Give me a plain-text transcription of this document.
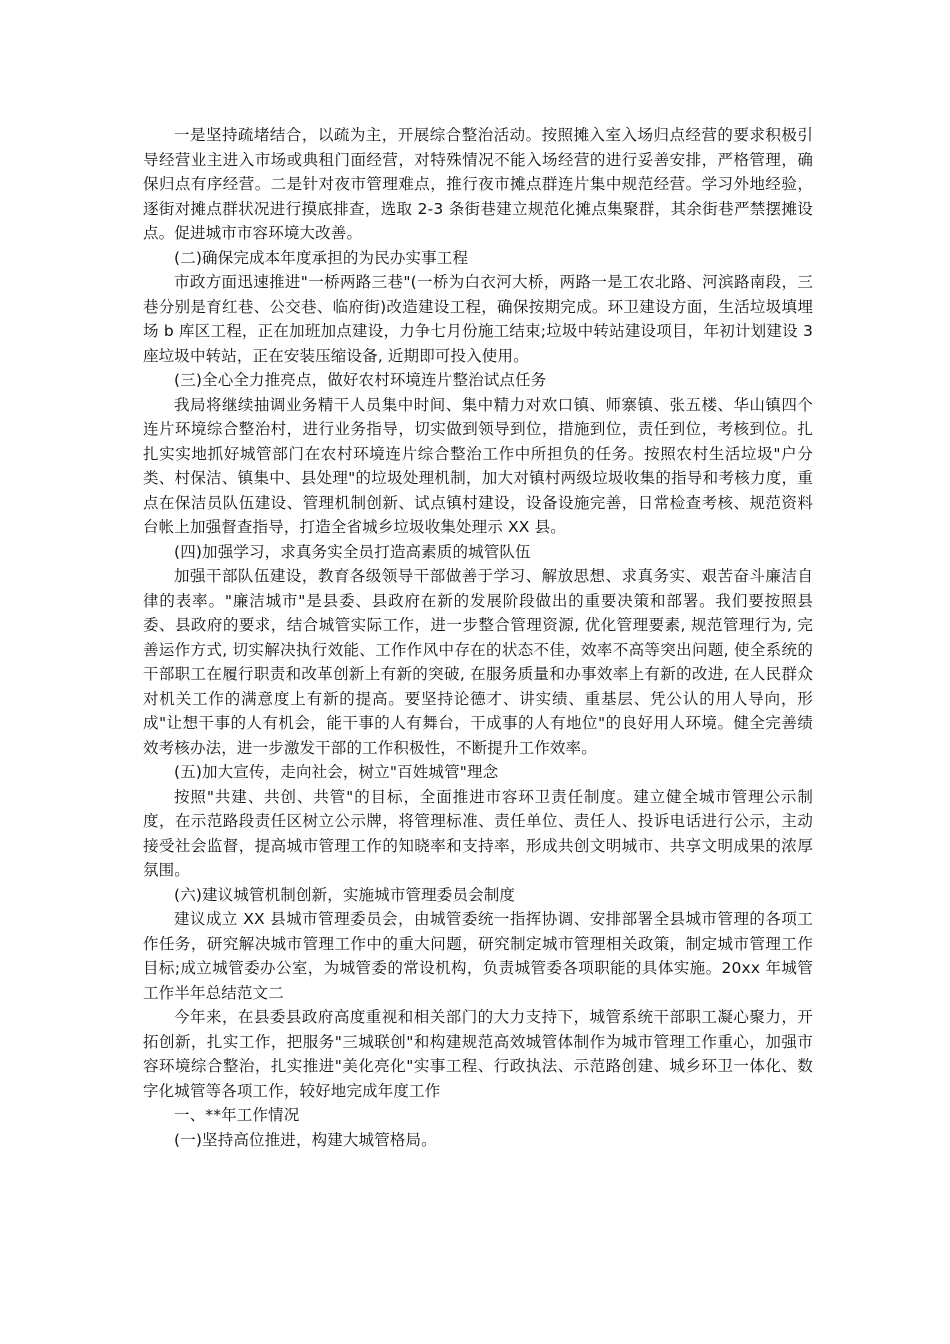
一是坚持疏堵结合，以疏为主，开展综合整治活动。按照摊入室入场归点经营的要求积极引导经营业主进入市场或典租门面经营，对特殊情况不能入场经营的进行妥善安排，严格管理，确保归点有序经营。二是针对夜市管理难点，推行夜市摊点群连片集中规范经营。学习外地经验，逐街对摊点群状况进行摸底排查，选取 2-3 条街巷建立规范化摊点集聚群，其余街巷严禁摆摊设点。促进城市市容环境大改善。

(二)确保完成本年度承担的为民办实事工程

市政方面迅速推进"一桥两路三巷"(一桥为白衣河大桥，两路一是工农北路、河滨路南段，三巷分别是育红巷、公交巷、临府街)改造建设工程，确保按期完成。环卫建设方面，生活垃圾填埋场 b 库区工程，正在加班加点建设，力争七月份施工结束;垃圾中转站建设项目，年初计划建设 3 座垃圾中转站，正在安装压缩设备, 近期即可投入使用。

(三)全心全力推亮点，做好农村环境连片整治试点任务

我局将继续抽调业务精干人员集中时间、集中精力对欢口镇、师寨镇、张五楼、华山镇四个连片环境综合整治村，进行业务指导，切实做到领导到位，措施到位，责任到位，考核到位。扎扎实实地抓好城管部门在农村环境连片综合整治工作中所担负的任务。按照农村生活垃圾"户分类、村保洁、镇集中、县处理"的垃圾处理机制，加大对镇村两级垃圾收集的指导和考核力度，重点在保洁员队伍建设、管理机制创新、试点镇村建设，设备设施完善，日常检查考核、规范资料台帐上加强督查指导，打造全省城乡垃圾收集处理示 XX 县。

(四)加强学习，求真务实全员打造高素质的城管队伍

加强干部队伍建设，教育各级领导干部做善于学习、解放思想、求真务实、艰苦奋斗廉洁自律的表率。"廉洁城市"是县委、县政府在新的发展阶段做出的重要决策和部署。我们要按照县委、县政府的要求，结合城管实际工作，进一步整合管理资源, 优化管理要素, 规范管理行为, 完善运作方式, 切实解决执行效能、工作作风中存在的状态不佳，效率不高等突出问题, 使全系统的干部职工在履行职责和改革创新上有新的突破, 在服务质量和办事效率上有新的改进, 在人民群众对机关工作的满意度上有新的提高。要坚持论德才、讲实绩、重基层、凭公认的用人导向，形成"让想干事的人有机会，能干事的人有舞台，干成事的人有地位"的良好用人环境。健全完善绩效考核办法，进一步激发干部的工作积极性，不断提升工作效率。

(五)加大宣传，走向社会，树立"百姓城管"理念

按照"共建、共创、共管"的目标，全面推进市容环卫责任制度。建立健全城市管理公示制度，在示范路段责任区树立公示牌，将管理标准、责任单位、责任人、投诉电话进行公示，主动接受社会监督，提高城市管理工作的知晓率和支持率，形成共创文明城市、共享文明成果的浓厚氛围。

(六)建议城管机制创新，实施城市管理委员会制度

建议成立 XX 县城市管理委员会，由城管委统一指挥协调、安排部署全县城市管理的各项工作任务，研究解决城市管理工作中的重大问题，研究制定城市管理相关政策，制定城市管理工作目标;成立城管委办公室，为城管委的常设机构，负责城管委各项职能的具体实施。20xx 年城管工作半年总结范文二

今年来，在县委县政府高度重视和相关部门的大力支持下，城管系统干部职工凝心聚力，开拓创新，扎实工作，把服务"三城联创"和构建规范高效城管体制作为城市管理工作重心，加强市容环境综合整治，扎实推进"美化亮化"实事工程、行政执法、示范路创建、城乡环卫一体化、数字化城管等各项工作，较好地完成年度工作

一、**年工作情况

(一)坚持高位推进，构建大城管格局。
